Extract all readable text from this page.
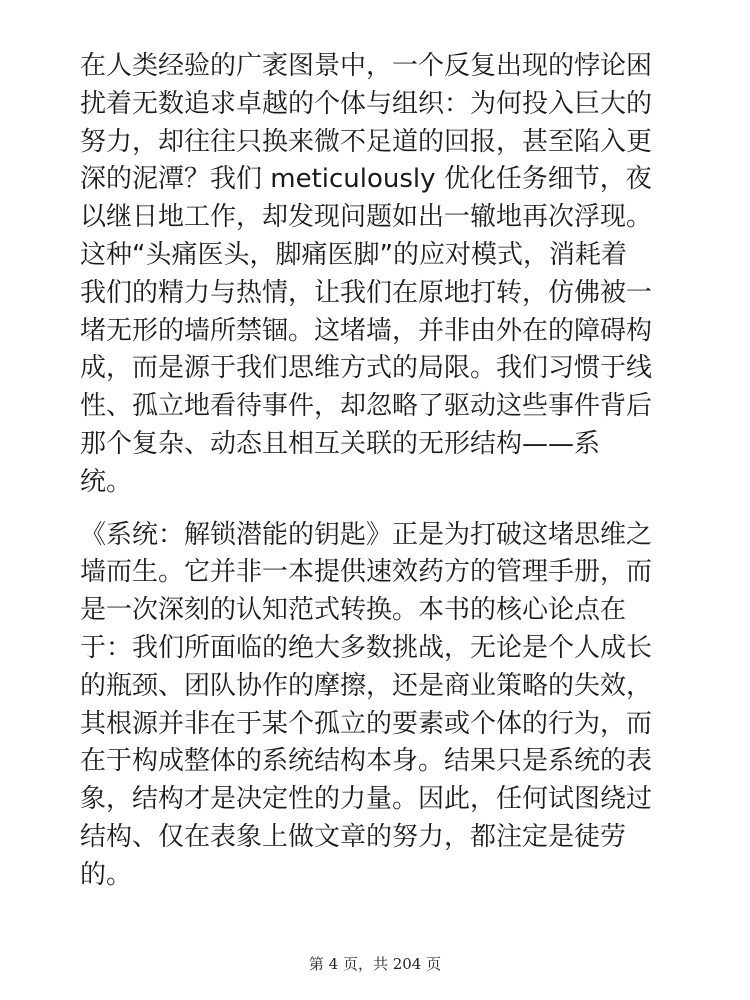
在人类经验的广袤图景中，一个反复出现的悖论困
扰着无数追求卓越的个体与组织：为何投入巨大的
努力，却往往只换来微不足道的回报，甚至陷入更
深的泥潭？我们 meticulously 优化任务细节，夜
以继日地工作，却发现问题如出一辙地再次浮现。
这种“头痛医头，脚痛医脚”的应对模式，消耗着
我们的精力与热情，让我们在原地打转，仿佛被一
堵无形的墙所禁锢。这堵墙，并非由外在的障碍构
成，而是源于我们思维方式的局限。我们习惯于线
性、孤立地看待事件，却忽略了驱动这些事件背后
那个复杂、动态且相互关联的无形结构——系
统。

《系统：解锁潜能的钥匙》正是为打破这堵思维之
墙而生。它并非一本提供速效药方的管理手册，而
是一次深刻的认知范式转换。本书的核心论点在
于：我们所面临的绝大多数挑战，无论是个人成长
的瓶颈、团队协作的摩擦，还是商业策略的失效，
其根源并非在于某个孤立的要素或个体的行为，而
在于构成整体的系统结构本身。结果只是系统的表
象，结构才是决定性的力量。因此，任何试图绕过
结构、仅在表象上做文章的努力，都注定是徒劳
的。

第 4 页，共 204 页
